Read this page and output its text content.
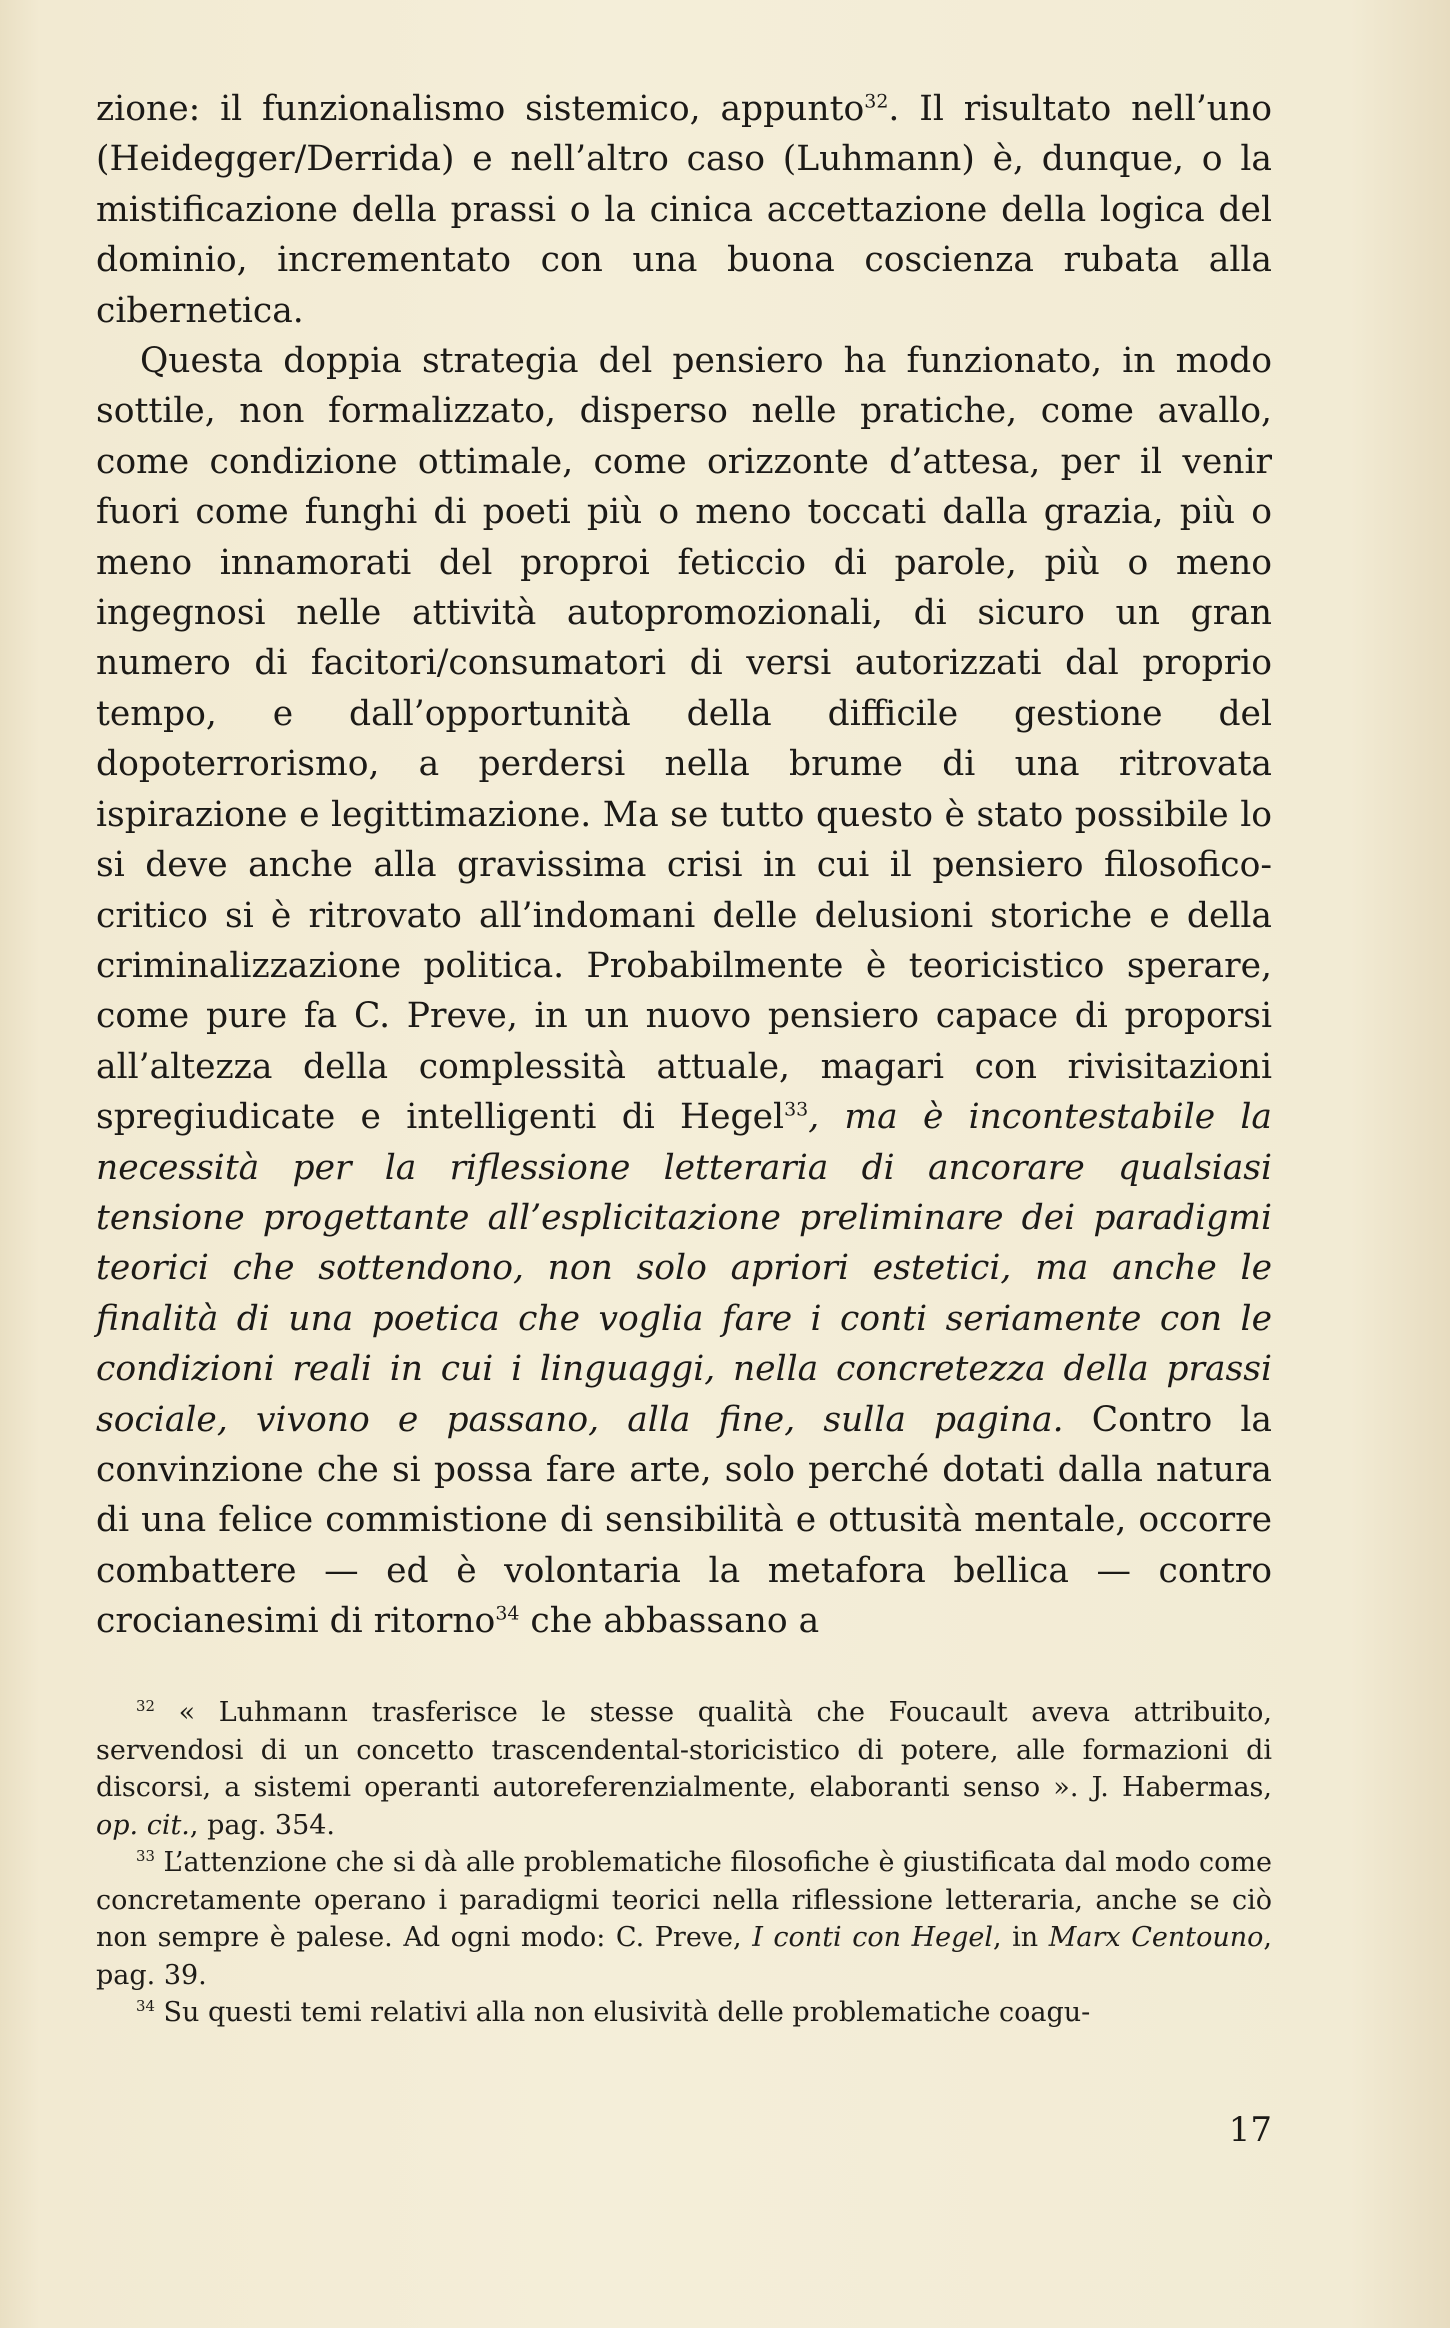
zione: il funzionalismo sistemico, appunto$^{32}$. Il risultato nell’uno (Heidegger/Derrida) e nell’altro caso (Luhmann) è, dunque, o la mistificazione della prassi o la cinica accettazione della logica del dominio, incrementato con una buona coscienza rubata alla cibernetica.

Questa doppia strategia del pensiero ha funzionato, in modo sottile, non formalizzato, disperso nelle pratiche, come avallo, come condizione ottimale, come orizzonte d’attesa, per il venir fuori come funghi di poeti più o meno toccati dalla grazia, più o meno innamorati del proproi feticcio di parole, più o meno ingegnosi nelle attività autopromozionali, di sicuro un gran numero di facitori/consumatori di versi autorizzati dal proprio tempo, e dall’opportunità della difficile gestione del dopoterrorismo, a perdersi nella brume di una ritrovata ispirazione e legittimazione. Ma se tutto questo è stato possibile lo si deve anche alla gravissima crisi in cui il pensiero filosofico-critico si è ritrovato all’indomani delle delusioni storiche e della criminalizzazione politica. Probabilmente è teoricistico sperare, come pure fa C. Preve, in un nuovo pensiero capace di proporsi all’altezza della complessità attuale, magari con rivisitazioni spregiudicate e intelligenti di Hegel$^{33}$, ma è incontestabile la necessità per la riflessione letteraria di ancorare qualsiasi tensione progettante all’esplicitazione preliminare dei paradigmi teorici che sottendono, non solo apriori estetici, ma anche le finalità di una poetica che voglia fare i conti seriamente con le condizioni reali in cui i linguaggi, nella concretezza della prassi sociale, vivono e passano, alla fine, sulla pagina. Contro la convinzione che si possa fare arte, solo perché dotati dalla natura di una felice commistione di sensibilità e ottusità mentale, occorre combattere — ed è volontaria la metafora bellica — contro crocianesimi di ritorno$^{34}$ che abbassano a

$^{32}$ « Luhmann trasferisce le stesse qualità che Foucault aveva attribuito, servendosi di un concetto trascendental-storicistico di potere, alle formazioni di discorsi, a sistemi operanti autoreferenzialmente, elaboranti senso ». J. Habermas, op. cit., pag. 354.

$^{33}$ L’attenzione che si dà alle problematiche filosofiche è giustificata dal modo come concretamente operano i paradigmi teorici nella riflessione letteraria, anche se ciò non sempre è palese. Ad ogni modo: C. Preve, I conti con Hegel, in Marx Centouno, pag. 39.

$^{34}$ Su questi temi relativi alla non elusività delle problematiche coagu-

17
